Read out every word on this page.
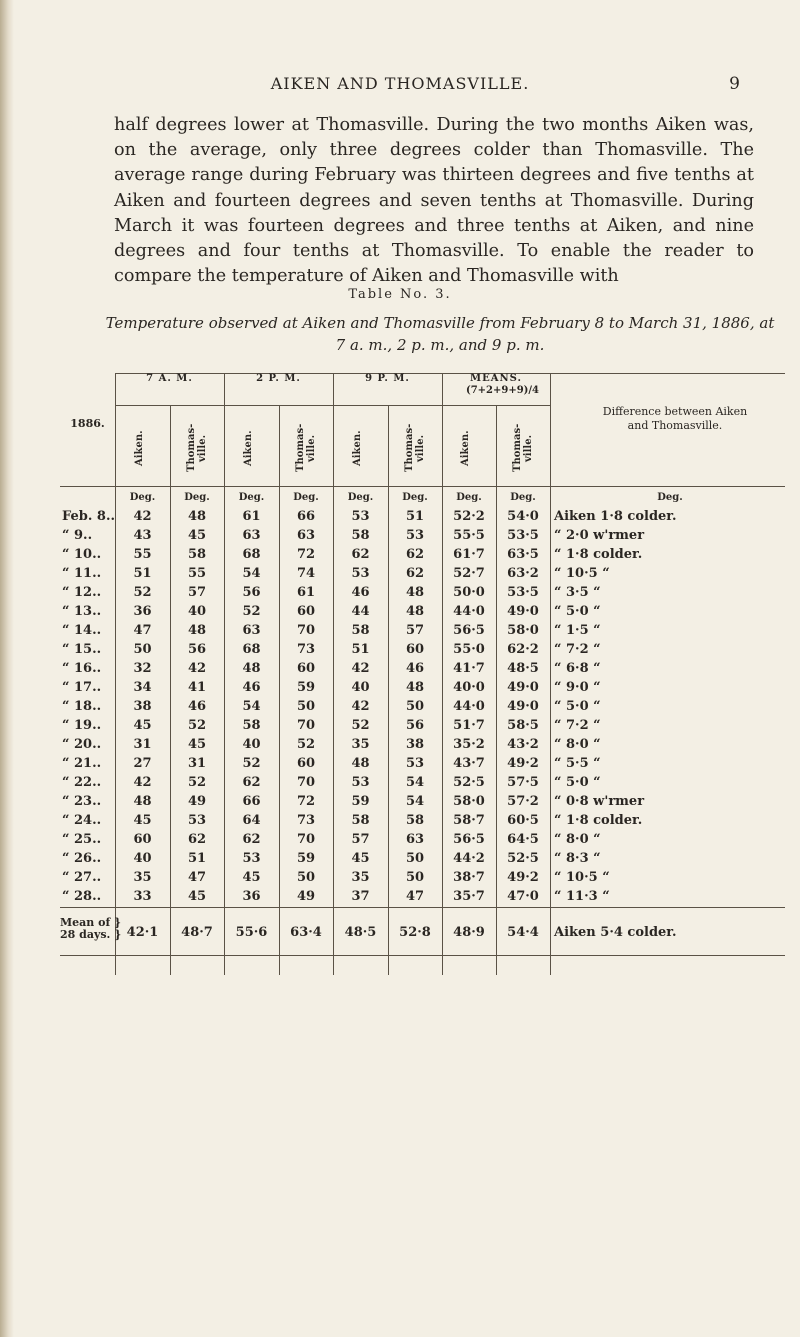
AIKEN AND THOMASVILLE.	9
half degrees lower at Thomasville. During the two months Aiken was, on the average, only three degrees colder than Thomasville. The average range during February was thirteen degrees and five tenths at Aiken and fourteen degrees and seven tenths at Thomasville. During March it was fourteen degrees and three tenths at Aiken, and nine degrees and four tenths at Thomasville. To enable the reader to compare the temperature of Aiken and Thomasville with
Table No. 3.
Temperature observed at Aiken and Thomasville from February 8 to March 31, 1886, at 7 a. m., 2 p. m., and 9 p. m.
1886.
7 A. M.	2 P. M.	9 P. M.	MEANS.
(7+2+9+9)/4
Aiken.	Thomas-ville.	Aiken.	Thomas-ville.	Aiken.	Thomas-ville.	Aiken.	Thomas-ville.
Difference between Aiken and Thomasville.
Deg.	Deg.	Deg.	Deg.	Deg.	Deg.	Deg.	Deg.	Deg.
Feb. 8..	42	48	61	66	53	51	52·2	54·0	Aiken 1·8 colder.
“ 9..	43	45	63	63	58	53	55·5	53·5	“ 2·0 w'rmer
“ 10..	55	58	68	72	62	62	61·7	63·5	“ 1·8 colder.
“ 11..	51	55	54	74	53	62	52·7	63·2	“ 10·5 “
“ 12..	52	57	56	61	46	48	50·0	53·5	“ 3·5 “
“ 13..	36	40	52	60	44	48	44·0	49·0	“ 5·0 “
“ 14..	47	48	63	70	58	57	56·5	58·0	“ 1·5 “
“ 15..	50	56	68	73	51	60	55·0	62·2	“ 7·2 “
“ 16..	32	42	48	60	42	46	41·7	48·5	“ 6·8 “
“ 17..	34	41	46	59	40	48	40·0	49·0	“ 9·0 “
“ 18..	38	46	54	50	42	50	44·0	49·0	“ 5·0 “
“ 19..	45	52	58	70	52	56	51·7	58·5	“ 7·2 “
“ 20..	31	45	40	52	35	38	35·2	43·2	“ 8·0 “
“ 21..	27	31	52	60	48	53	43·7	49·2	“ 5·5 “
“ 22..	42	52	62	70	53	54	52·5	57·5	“ 5·0 “
“ 23..	48	49	66	72	59	54	58·0	57·2	“ 0·8 w'rmer
“ 24..	45	53	64	73	58	58	58·7	60·5	“ 1·8 colder.
“ 25..	60	62	62	70	57	63	56·5	64·5	“ 8·0 “
“ 26..	40	51	53	59	45	50	44·2	52·5	“ 8·3 “
“ 27..	35	47	45	50	35	50	38·7	49·2	“ 10·5 “
“ 28..	33	45	36	49	37	47	35·7	47·0	“ 11·3 “
Mean of }
28 days. } 42·1	48·7	55·6	63·4	48·5	52·8	48·9	54·4	Aiken 5·4 colder.
